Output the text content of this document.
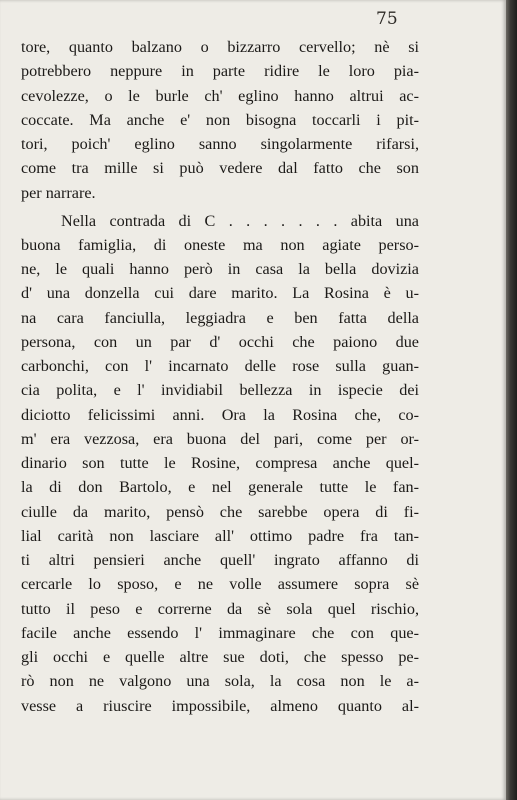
75

tore, quanto balzano o bizzarro cervello; nè si
potrebbero neppure in parte ridire le loro pia-
cevolezze, o le burle ch' eglino hanno altrui ac-
coccate. Ma anche e' non bisogna toccarli i pit-
tori, poich' eglino sanno singolarmente rifarsi,
come tra mille si può vedere dal fatto che son
per narrare.
Nella contrada di C . . . . . . . abita una
buona famiglia, di oneste ma non agiate perso-
ne, le quali hanno però in casa la bella dovizia
d' una donzella cui dare marito. La Rosina è u-
na cara fanciulla, leggiadra e ben fatta della
persona, con un par d' occhi che paiono due
carbonchi, con l' incarnato delle rose sulla guan-
cia polita, e l' invidiabil bellezza in ispecie dei
diciotto felicissimi anni. Ora la Rosina che, co-
m' era vezzosa, era buona del pari, come per or-
dinario son tutte le Rosine, compresa anche quel-
la di don Bartolo, e nel generale tutte le fan-
ciulle da marito, pensò che sarebbe opera di fi-
lial carità non lasciare all' ottimo padre fra tan-
ti altri pensieri anche quell' ingrato affanno di
cercarle lo sposo, e ne volle assumere sopra sè
tutto il peso e correrne da sè sola quel rischio,
facile anche essendo l' immaginare che con que-
gli occhi e quelle altre sue doti, che spesso pe-
rò non ne valgono una sola, la cosa non le a-
vesse a riuscire impossibile, almeno quanto al-
